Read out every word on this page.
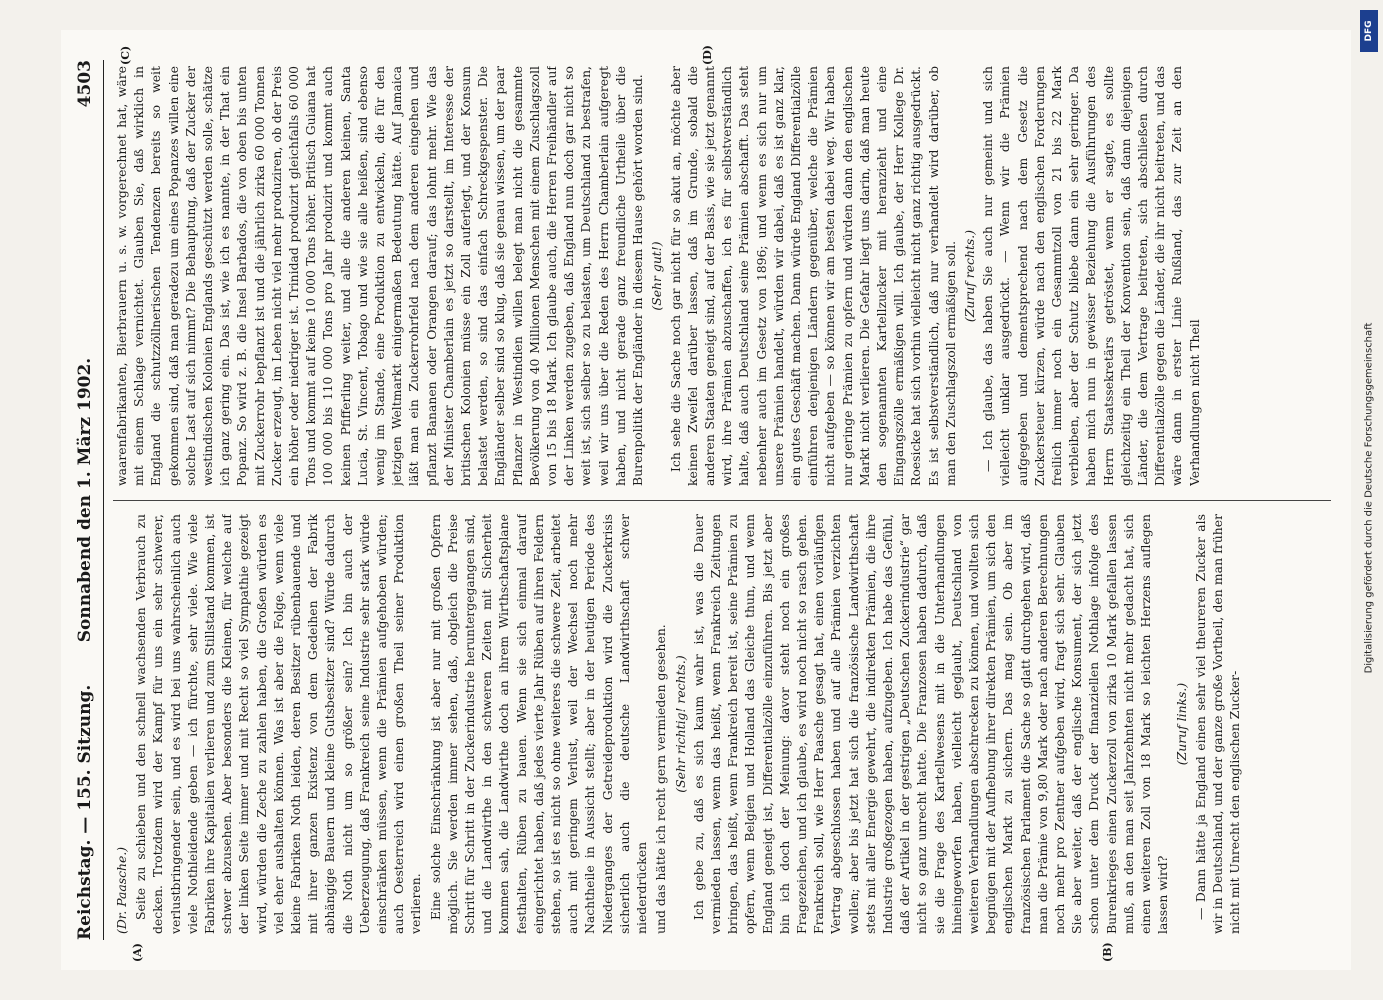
Reichstag. — 155. Sitzung.
Sonnabend den 1. März 1902.
4503
(A)	(B)
(C)	(D)

(Dr. Paasche.) Seite zu schieben und den schnell wachsenden Verbrauch zu decken. Trotzdem wird der Kampf für uns ein sehr schwerer, verlustbringender sein, und es wird bei uns wahrscheinlich auch viele Nothleidende geben — ich fürchte, sehr viele. Wie viele Fabriken ihre Kapitalien verlieren und zum Stillstand kommen, ist schwer abzusehen. Aber besonders die Kleinen, für welche auf der linken Seite immer und mit Recht so viel Sympathie gezeigt wird, würden die Zeche zu zahlen haben, die Großen würden es viel eher aushalten können. Was ist aber die Folge, wenn viele kleine Fabriken Noth leiden, deren Besitzer rübenbauende und mit ihrer ganzen Existenz von dem Gedeihen der Fabrik abhängige Bauern und kleine Gutsbesitzer sind? Würde dadurch die Noth nicht um so größer sein? Ich bin auch der Ueberzeugung, daß Frankreich seine Industrie sehr stark würde einschränken müssen, wenn die Prämien aufgehoben würden; auch Oesterreich wird einen großen Theil seiner Produktion verlieren. Eine solche Einschränkung ist aber nur mit großen Opfern möglich. Sie werden immer sehen, daß, obgleich die Preise Schritt für Schritt in der Zuckerindustrie heruntergegangen sind, und die Landwirthe in den schweren Zeiten mit Sicherheit kommen sah, die Landwirthe doch an ihrem Wirthschaftsplane festhalten, Rüben zu bauen. Wenn sie sich einmal darauf eingerichtet haben, daß jedes vierte Jahr Rüben auf ihren Feldern stehen, so ist es nicht so ohne weiteres die schwere Zeit, arbeitet auch mit geringem Verlust, weil der Wechsel noch mehr Nachtheile in Aussicht stellt; aber in der heutigen Periode des Niederganges der Getreideproduktion wird die Zuckerkrisis sicherlich auch die deutsche Landwirthschaft schwer niederdrücken und das hätte ich recht gern vermieden gesehen. (Sehr richtig! rechts.) Ich gebe zu, daß es sich kaum wahr ist, was die Dauer vermieden lassen, wenn das heißt, wenn Frankreich Zeitungen bringen, das heißt, wenn Frankreich bereit ist, seine Prämien zu opfern, wenn Belgien und Holland das Gleiche thun, und wenn England geneigt ist, Differentialzölle einzuführen. Bis jetzt aber bin ich doch der Meinung: davor steht noch ein großes Fragezeichen, und ich glaube, es wird noch nicht so rasch gehen. Frankreich soll, wie Herr Paasche gesagt hat, einen vorläufigen Vertrag abgeschlossen haben und auf alle Prämien verzichten wollen; aber bis jetzt hat sich die französische Landwirthschaft stets mit aller Energie gewehrt, die indirekten Prämien, die ihre Industrie großgezogen haben, aufzugeben. Ich habe das Gefühl, daß der Artikel in der gestrigen „Deutschen Zuckerindustrie“ gar nicht so ganz unrecht hatte. Die Franzosen haben dadurch, daß sie die Frage des Kartellwesens mit in die Unterhandlungen hineingeworfen haben, vielleicht geglaubt, Deutschland von weiteren Verhandlungen abschrecken zu können, und wollten sich begnügen mit der Aufhebung ihrer direkten Prämien, um sich den englischen Markt zu sichern. Das mag sein. Ob aber im französischen Parlament die Sache so glatt durchgehen wird, daß man die Prämie von 9,80 Mark oder nach anderen Berechnungen noch mehr pro Zentner aufgeben wird, fragt sich sehr. Glauben Sie aber weiter, daß der englische Konsument, der sich jetzt schon unter dem Druck der finanziellen Nothlage infolge des Burenkrieges einen Zuckerzoll von zirka 10 Mark gefallen lassen muß, an den man seit Jahrzehnten nicht mehr gedacht hat, sich einen weiteren Zoll von 18 Mark so leichten Herzens auflegen lassen wird?

(Zuruf links.) — Dann hätte ja England einen sehr viel theureren Zucker als wir in Deutschland, und der ganze große Vortheil, den man früher nicht mit Unrecht den englischen Zucker-

waarenfabrikanten, Bierbrauern u. s. w. vorgerechnet hat, wäre mit einem Schlage vernichtet. Glauben Sie, daß wirklich in England die schutzzöllnerischen Tendenzen bereits so weit gekommen sind, daß man geradezu um eines Popanzes willen eine solche Last auf sich nimmt? Die Behauptung, daß der Zucker der westindischen Kolonien Englands geschützt werden solle, schätze ich ganz gering ein. Das ist, wie ich es nannte, in der That ein Popanz. So wird z. B. die Insel Barbados, die von oben bis unten mit Zuckerrohr bepflanzt ist und die jährlich zirka 60 000 Tonnen Zucker erzeugt, im Leben nicht viel mehr produziren, ob der Preis ein höher oder niedriger ist. Trinidad produzirt gleichfalls 60 000 Tons und kommt auf keine 10 000 Tons höher. Britisch Guiana hat 100 000 bis 110 000 Tons pro Jahr produzirt und kommt auch keinen Pfifferling weiter, und alle die anderen kleinen, Santa Lucia, St. Vincent, Tobago und wie sie alle heißen, sind ebenso wenig im Stande, eine Produktion zu entwickeln, die für den jetzigen Weltmarkt einigermaßen Bedeutung hätte. Auf Jamaica läßt man ein Zuckerrohrfeld nach dem anderen eingehen und pflanzt Bananen oder Orangen darauf; das lohnt mehr. Wie das der Minister Chamberlain es jetzt so darstellt, im Interesse der britischen Kolonien müsse ein Zoll auferlegt, und der Konsum belastet werden, so sind das einfach Schreckgespenster. Die Engländer selber sind so klug, daß sie genau wissen, um der paar Pflanzer in Westindien willen belegt man nicht die gesammte Bevölkerung von 40 Millionen Menschen mit einem Zuschlagszoll von 15 bis 18 Mark. Ich glaube auch, die Herren Freihändler auf der Linken werden zugeben, daß England nun doch gar nicht so weit ist, sich selber so zu belasten, um Deutschland zu bestrafen, weil wir uns über die Reden des Herrn Chamberlain aufgeregt haben, und nicht gerade ganz freundliche Urtheile über die Burenpolitik der Engländer in diesem Hause gehört worden sind. (Sehr gut!) Ich sehe die Sache noch gar nicht für so akut an, möchte aber keinen Zweifel darüber lassen, daß im Grunde, sobald die anderen Staaten geneigt sind, auf der Basis, wie sie jetzt genannt wird, ihre Prämien abzuschaffen, ich es für selbstverständlich halte, daß auch Deutschland seine Prämien abschafft. Das steht nebenher auch im Gesetz von 1896; und wenn es sich nur um unsere Prämien handelt, würden wir dabei, daß es ist ganz klar, ein gutes Geschäft machen. Dann würde England Differentialzölle einführen denjenigen Ländern gegenüber, welche die Prämien nicht aufgeben — so können wir am besten dabei weg. Wir haben nur geringe Prämien zu opfern und würden dann den englischen Markt nicht verlieren. Die Gefahr liegt uns darin, daß man heute den sogenannten Kartellzucker mit heranzieht und eine Eingangszölle ermäßigen will. Ich glaube, der Herr Kollege Dr. Roesicke hat sich vorhin vielleicht nicht ganz richtig ausgedrückt. Es ist selbstverständlich, daß nur verhandelt wird darüber, ob man den Zuschlagszoll ermäßigen soll. (Zuruf rechts.) — Ich glaube, das haben Sie auch nur gemeint und sich vielleicht unklar ausgedrückt. — Wenn wir die Prämien aufgegeben und dementsprechend nach dem Gesetz die Zuckersteuer kürzen, würde nach den englischen Forderungen freilich immer noch ein Gesammtzoll von 21 bis 22 Mark verbleiben, aber der Schutz bliebe dann ein sehr geringer. Da haben mich nun in gewisser Beziehung die Ausführungen des Herrn Staatssekretärs getröstet, wenn er sagte, es sollte gleichzeitig ein Theil der Konvention sein, daß dann diejenigen Länder, die dem Vertrage beitreten, sich abschließen durch Differentialzölle gegen die Länder, die ihr nicht beitreten, und das wäre dann in erster Linie Rußland, das zur Zeit an den Verhandlungen nicht Theil

DFG
Digitalisierung gefördert durch die Deutsche Forschungsgemeinschaft
